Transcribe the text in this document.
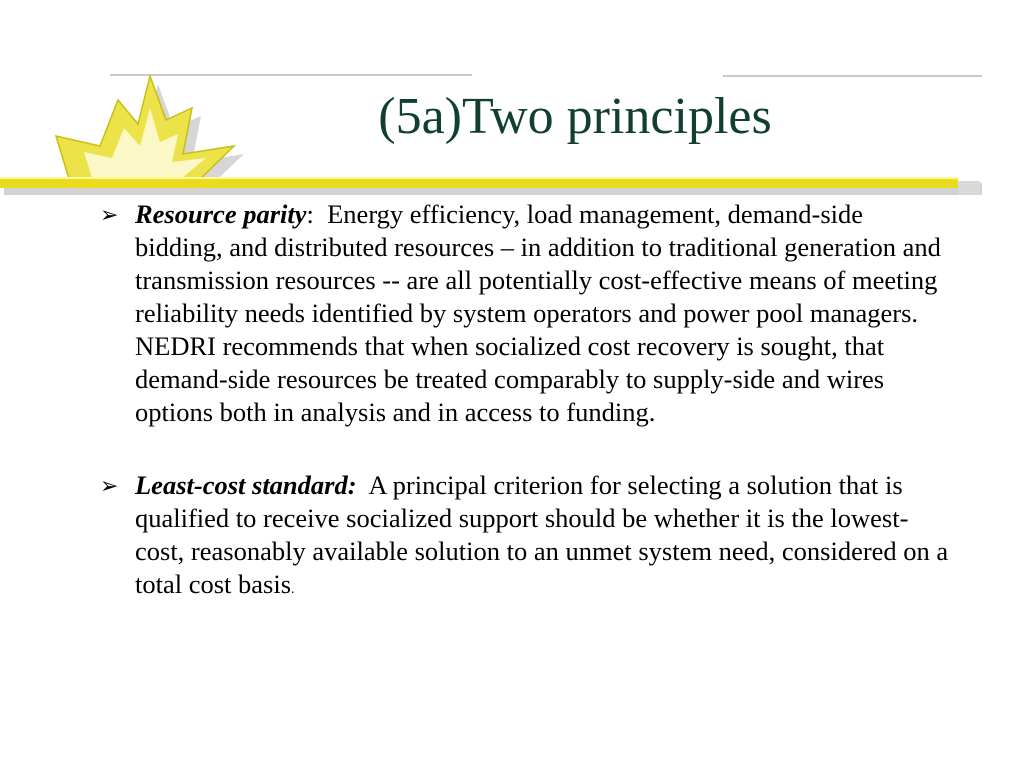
(5a)Two principles
➢ Resource parity: Energy efficiency, load management, demand-side bidding, and distributed resources – in addition to traditional generation and transmission resources -- are all potentially cost-effective means of meeting reliability needs identified by system operators and power pool managers. NEDRI recommends that when socialized cost recovery is sought, that demand-side resources be treated comparably to supply-side and wires options both in analysis and in access to funding.
➢ Least-cost standard: A principal criterion for selecting a solution that is qualified to receive socialized support should be whether it is the lowest-cost, reasonably available solution to an unmet system need, considered on a total cost basis.
